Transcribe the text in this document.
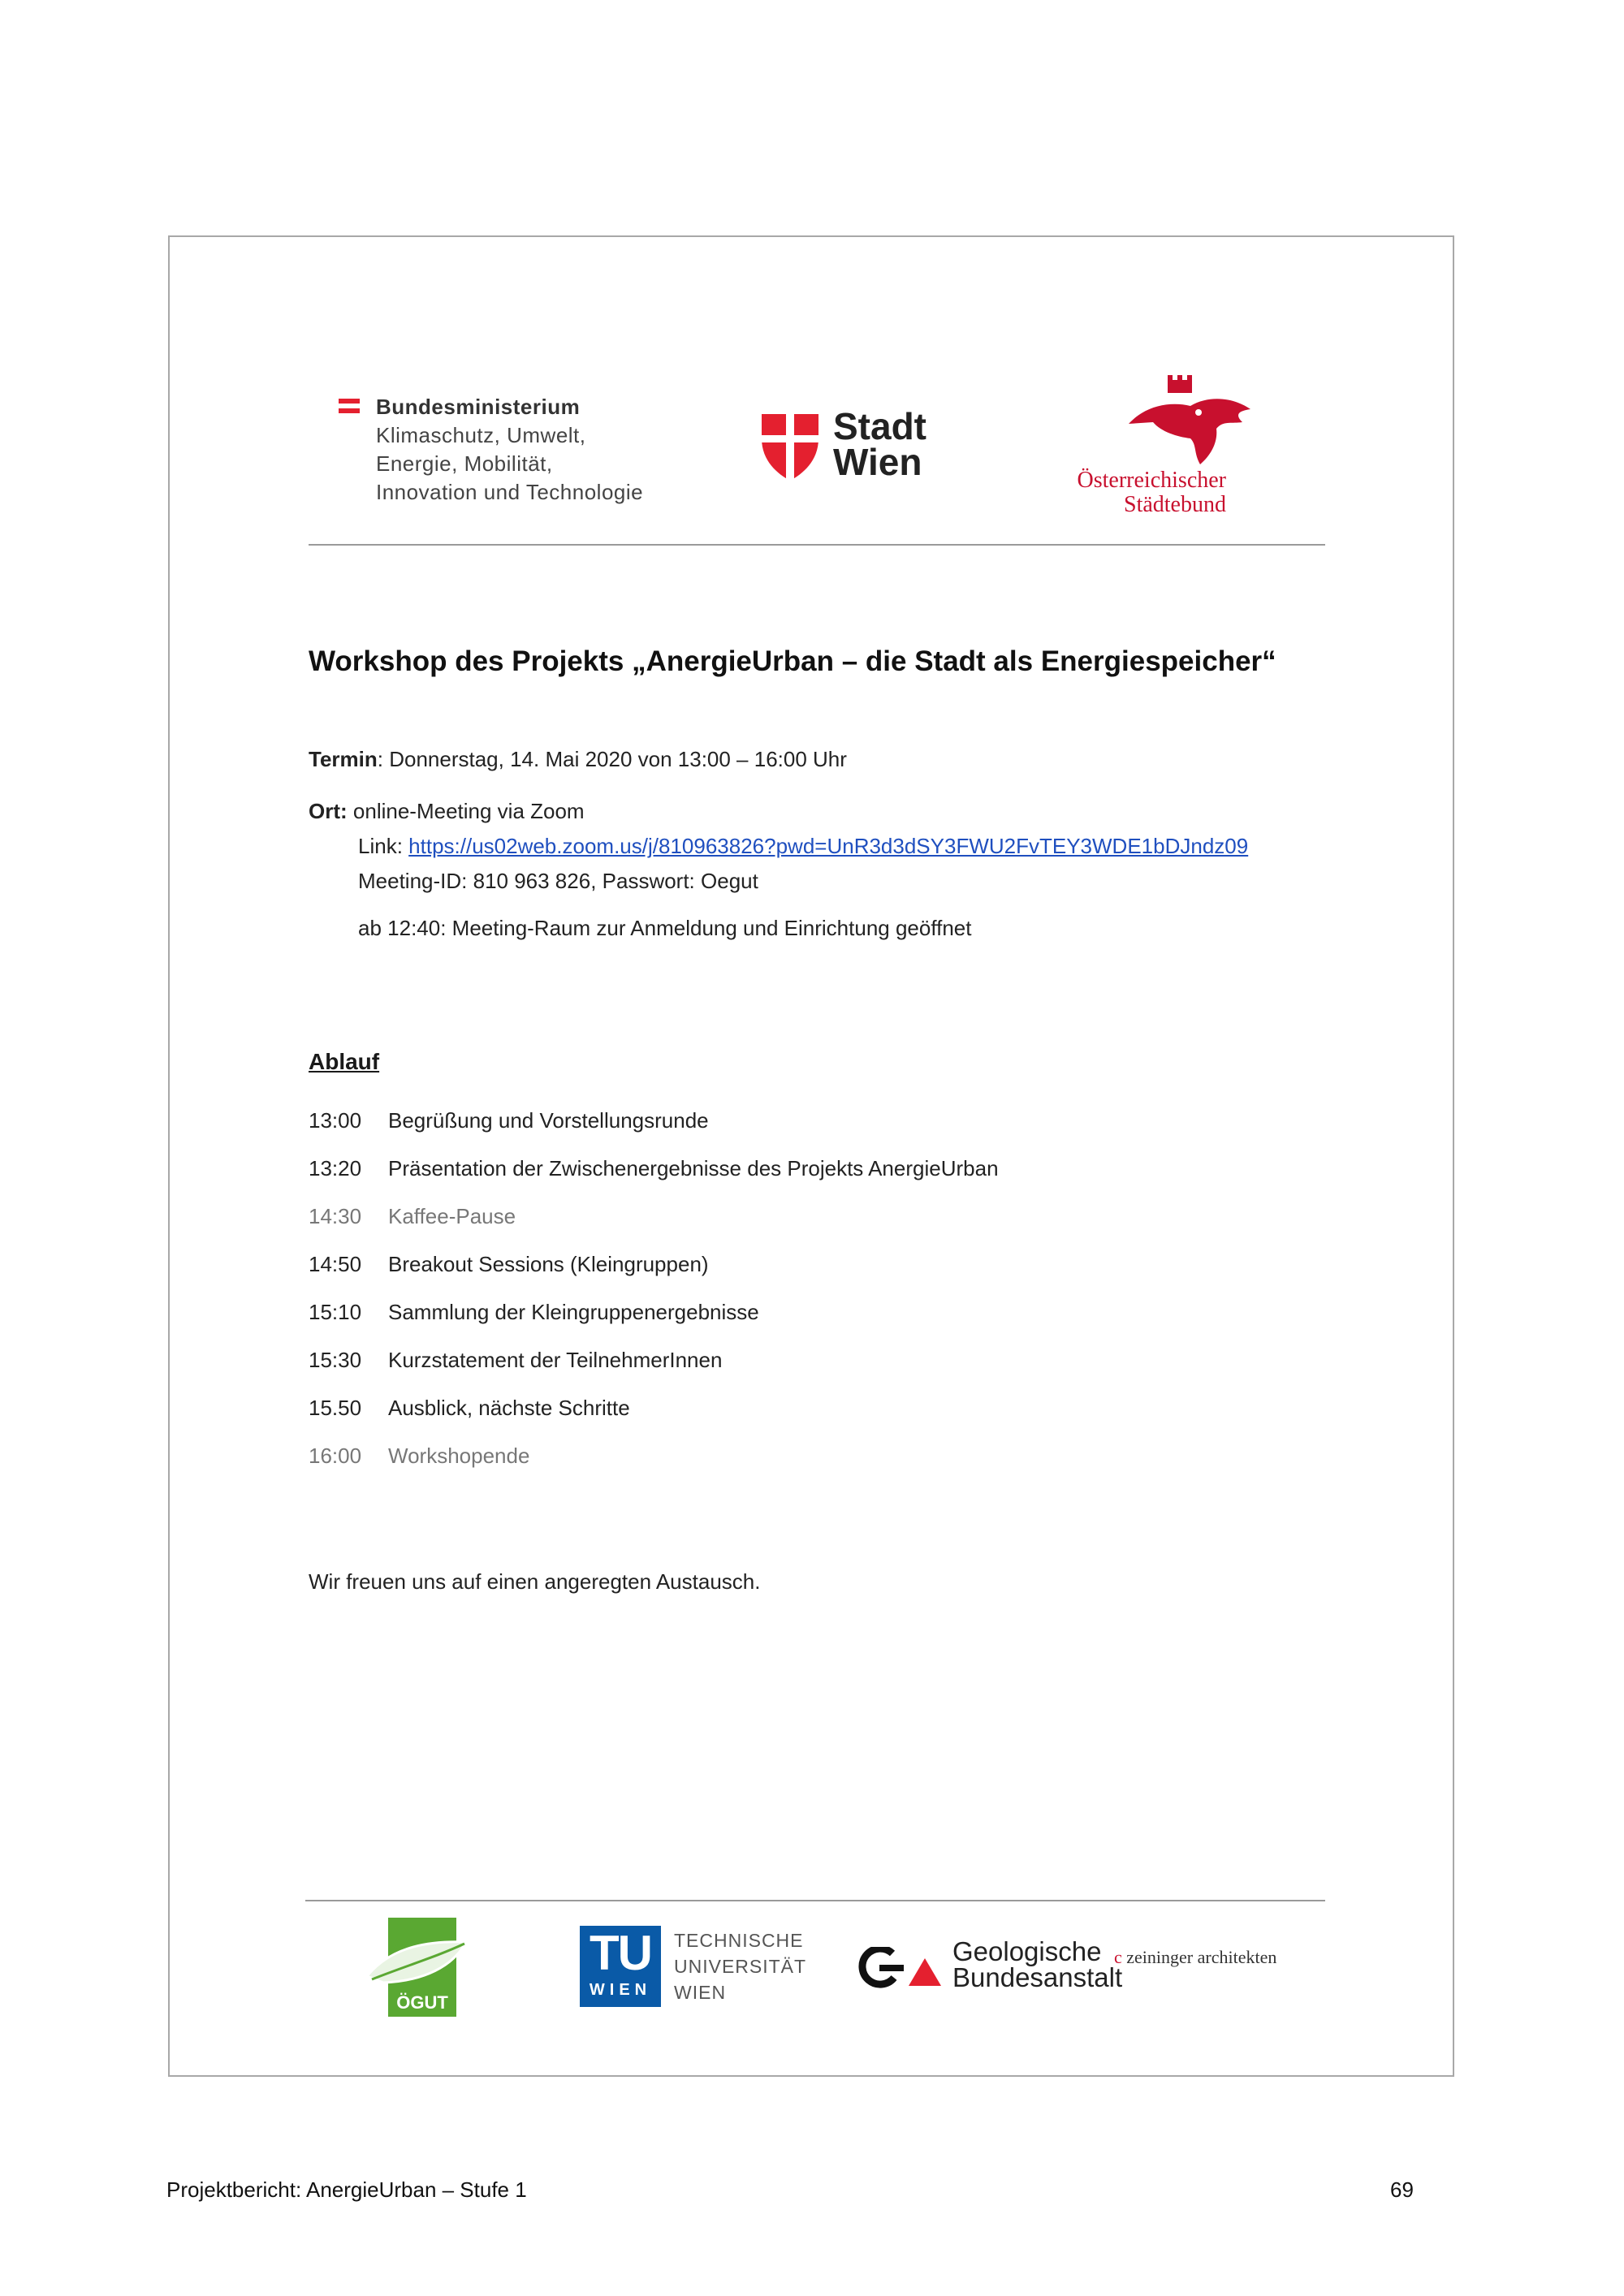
Bundesministerium
Klimaschutz, Umwelt,
Energie, Mobilität,
Innovation und Technologie
Stadt
Wien	Österreichischer
Städtebund
Workshop des Projekts „AnergieUrban – die Stadt als Energiespeicher“
Termin: Donnerstag, 14. Mai 2020 von 13:00 – 16:00 Uhr
Ort: online-Meeting via Zoom
Link: https://us02web.zoom.us/j/810963826?pwd=UnR3d3dSY3FWU2FvTEY3WDE1bDJndz09
Meeting-ID: 810 963 826, Passwort: Oegut
ab 12:40: Meeting-Raum zur Anmeldung und Einrichtung geöffnet
Ablauf
13:00 Begrüßung und Vorstellungsrunde
13:20 Präsentation der Zwischenergebnisse des Projekts AnergieUrban
14:30 Kaffee-Pause
14:50 Breakout Sessions (Kleingruppen)
15:10 Sammlung der Kleingruppenergebnisse
15:30 Kurzstatement der TeilnehmerInnen
15.50 Ausblick, nächste Schritte
16:00 Workshopende
Wir freuen uns auf einen angeregten Austausch.
ÖGUT
TU
WIEN
TECHNISCHE
UNIVERSITÄT
WIEN
Geologische
Bundesanstalt
c zeininger architekten
Projektbericht: AnergieUrban – Stufe 1	69
